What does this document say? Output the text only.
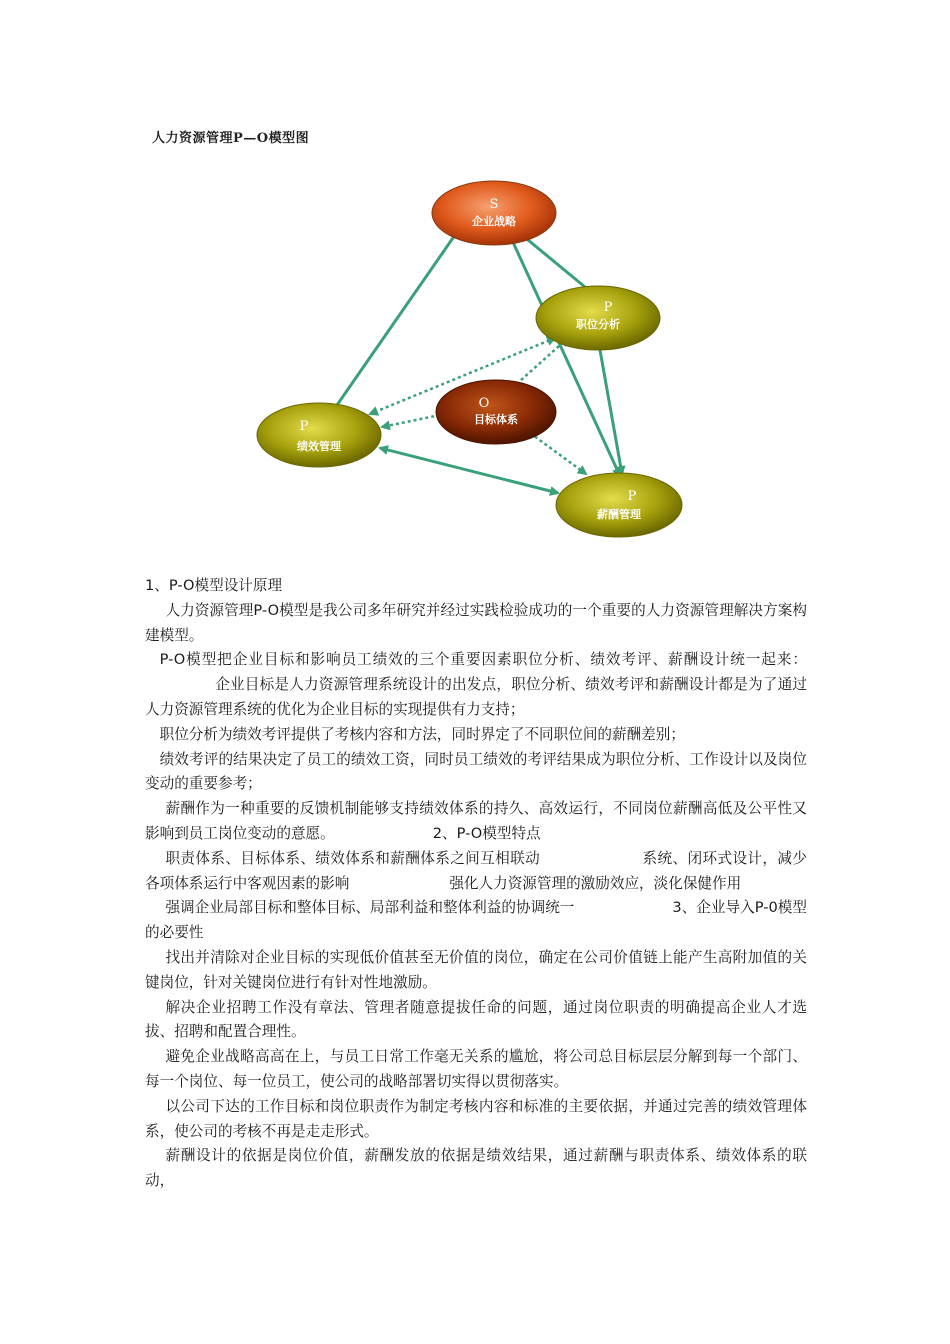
人力资源管理P—O模型图
S
企业战略
P
职位分析
O
目标体系
P
绩效管理
P
薪酬管理

1、P-O模型设计原理

人力资源管理P-O模型是我公司多年研究并经过实践检验成功的一个重要的人力资源管理解决方案构建模型。

P-O模型把企业目标和影响员工绩效的三个重要因素职位分析、绩效考评、薪酬设计统一起来：企业目标是人力资源管理系统设计的出发点，职位分析、绩效考评和薪酬设计都是为了通过人力资源管理系统的优化为企业目标的实现提供有力支持；

职位分析为绩效考评提供了考核内容和方法，同时界定了不同职位间的薪酬差别；

绩效考评的结果决定了员工的绩效工资，同时员工绩效的考评结果成为职位分析、工作设计以及岗位变动的重要参考；

薪酬作为一种重要的反馈机制能够支持绩效体系的持久、高效运行，不同岗位薪酬高低及公平性又影响到员工岗位变动的意愿。	2、P-O模型特点

职责体系、目标体系、绩效体系和薪酬体系之间互相联动	系统、闭环式设计，减少各项体系运行中客观因素的影响	强化人力资源管理的激励效应，淡化保健作用

强调企业局部目标和整体目标、局部利益和整体利益的协调统一	3、企业导入P-0模型的必要性

找出并清除对企业目标的实现低价值甚至无价值的岗位，确定在公司价值链上能产生高附加值的关键岗位，针对关键岗位进行有针对性地激励。

解决企业招聘工作没有章法、管理者随意提拔任命的问题，通过岗位职责的明确提高企业人才选拔、招聘和配置合理性。

避免企业战略高高在上，与员工日常工作毫无关系的尴尬，将公司总目标层层分解到每一个部门、每一个岗位、每一位员工，使公司的战略部署切实得以贯彻落实。

以公司下达的工作目标和岗位职责作为制定考核内容和标准的主要依据，并通过完善的绩效管理体系，使公司的考核不再是走走形式。

薪酬设计的依据是岗位价值，薪酬发放的依据是绩效结果，通过薪酬与职责体系、绩效体系的联动，
